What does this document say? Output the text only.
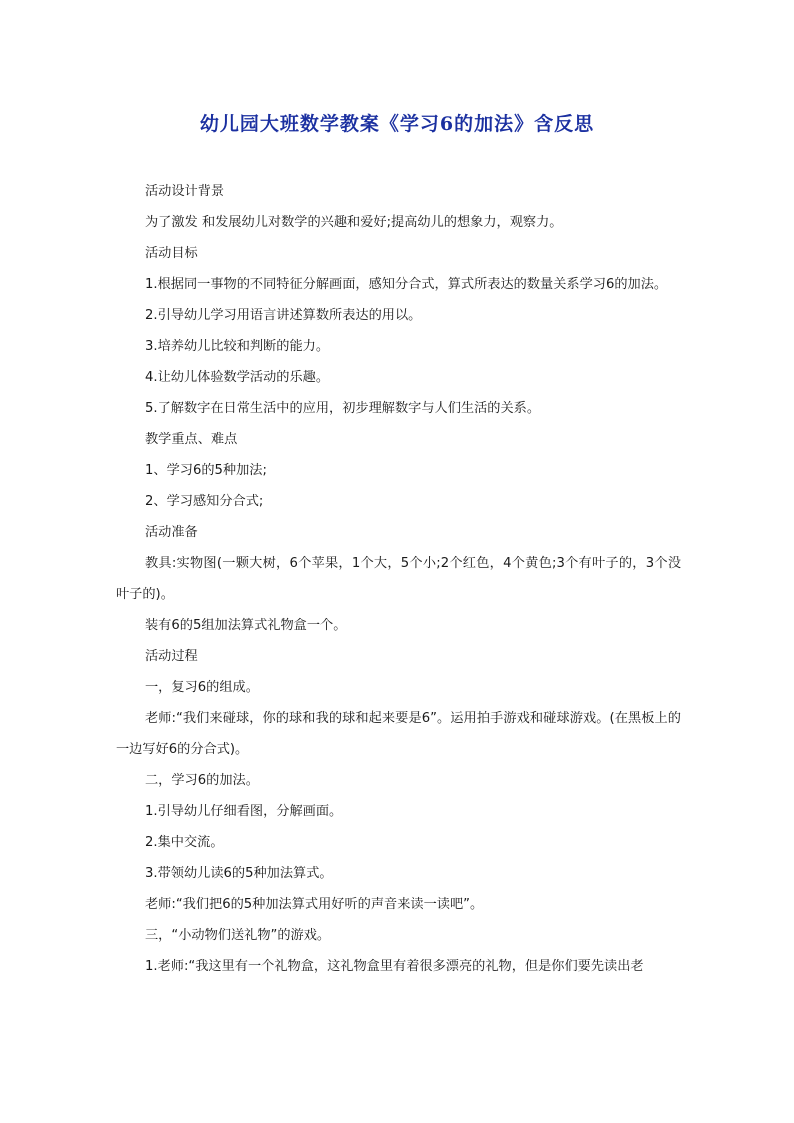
幼儿园大班数学教案《学习6的加法》含反思

活动设计背景

为了激发 和发展幼儿对数学的兴趣和爱好;提高幼儿的想象力，观察力。

活动目标

1.根据同一事物的不同特征分解画面，感知分合式，算式所表达的数量关系学习6的加法。

2.引导幼儿学习用语言讲述算数所表达的用以。

3.培养幼儿比较和判断的能力。

4.让幼儿体验数学活动的乐趣。

5.了解数字在日常生活中的应用，初步理解数字与人们生活的关系。

教学重点、难点

1、学习6的5种加法;

2、学习感知分合式;

活动准备

教具:实物图(一颗大树，6个苹果，1个大，5个小;2个红色，4个黄色;3个有叶子的，3个没叶子的)。

装有6的5组加法算式礼物盒一个。

活动过程

一，复习6的组成。

老师:“我们来碰球，你的球和我的球和起来要是6”。运用拍手游戏和碰球游戏。(在黑板上的一边写好6的分合式)。

二，学习6的加法。

1.引导幼儿仔细看图，分解画面。

2.集中交流。

3.带领幼儿读6的5种加法算式。

老师:“我们把6的5种加法算式用好听的声音来读一读吧”。

三，“小动物们送礼物”的游戏。

1.老师:“我这里有一个礼物盒，这礼物盒里有着很多漂亮的礼物，但是你们要先读出老
